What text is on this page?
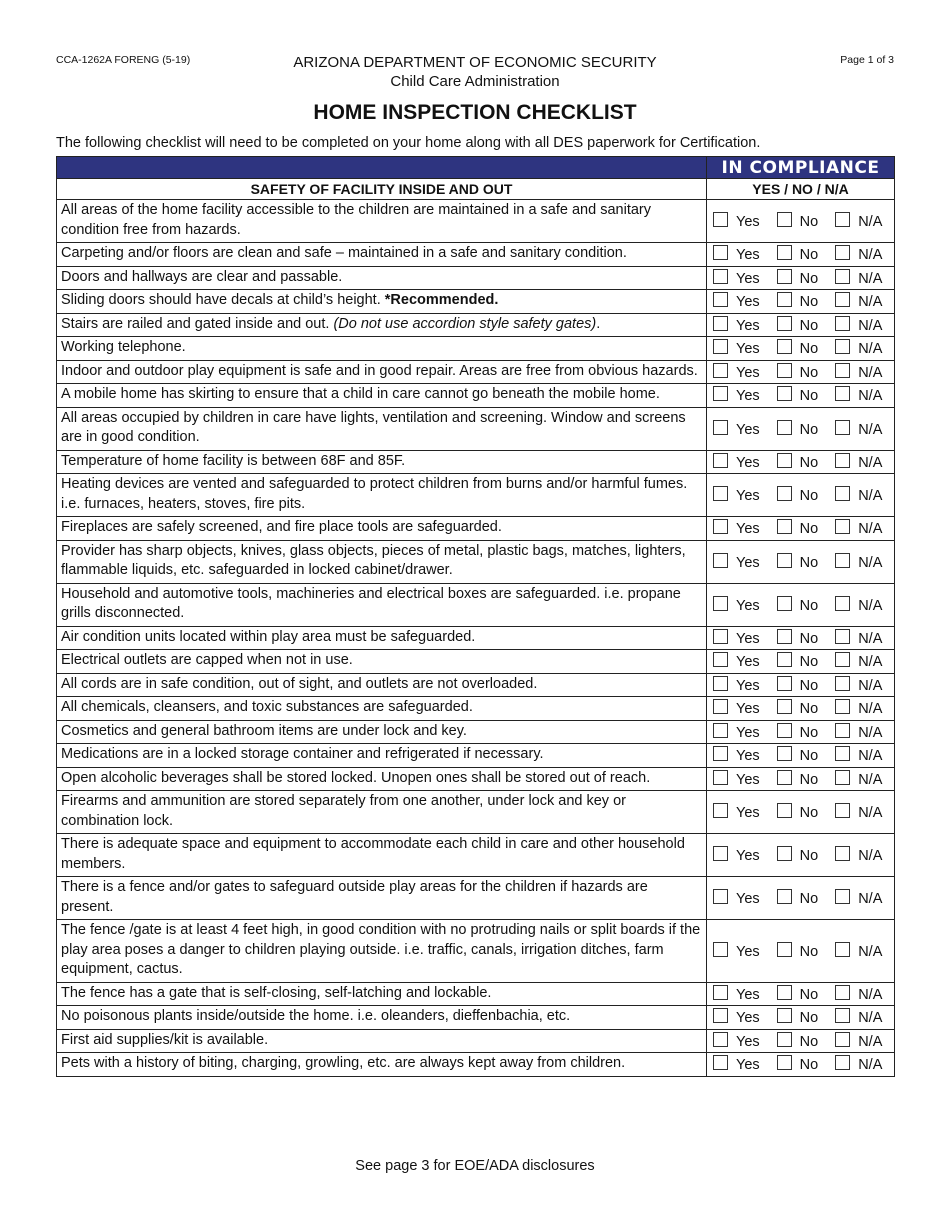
CCA-1262A FORENG (5-19)	ARIZONA DEPARTMENT OF ECONOMIC SECURITY
Child Care Administration
Page 1 of 3
HOME INSPECTION CHECKLIST
The following checklist will need to be completed on your home along with all DES paperwork for Certification.
	IN COMPLIANCE
SAFETY OF FACILITY INSIDE AND OUT	YES / NO / N/A
All areas of the home facility accessible to the children are maintained in a safe and sanitary condition free from hazards.	Yes No N/A
Carpeting and/or floors are clean and safe – maintained in a safe and sanitary condition.	Yes No N/A
Doors and hallways are clear and passable.	Yes No N/A
Sliding doors should have decals at child’s height. *Recommended.	Yes No N/A
Stairs are railed and gated inside and out. (Do not use accordion style safety gates).	Yes No N/A
Working telephone.	Yes No N/A
Indoor and outdoor play equipment is safe and in good repair. Areas are free from obvious hazards.	Yes No N/A
A mobile home has skirting to ensure that a child in care cannot go beneath the mobile home.	Yes No N/A
All areas occupied by children in care have lights, ventilation and screening. Window and screens are in good condition.	Yes No N/A
Temperature of home facility is between 68F and 85F.	Yes No N/A
Heating devices are vented and safeguarded to protect children from burns and/or harmful fumes. i.e. furnaces, heaters, stoves, fire pits.	Yes No N/A
Fireplaces are safely screened, and fire place tools are safeguarded.	Yes No N/A
Provider has sharp objects, knives, glass objects, pieces of metal, plastic bags, matches, lighters, flammable liquids, etc. safeguarded in locked cabinet/drawer.	Yes No N/A
Household and automotive tools, machineries and electrical boxes are safeguarded. i.e. propane grills disconnected.	Yes No N/A
Air condition units located within play area must be safeguarded.	Yes No N/A
Electrical outlets are capped when not in use.	Yes No N/A
All cords are in safe condition, out of sight, and outlets are not overloaded.	Yes No N/A
All chemicals, cleansers, and toxic substances are safeguarded.	Yes No N/A
Cosmetics and general bathroom items are under lock and key.	Yes No N/A
Medications are in a locked storage container and refrigerated if necessary.	Yes No N/A
Open alcoholic beverages shall be stored locked. Unopen ones shall be stored out of reach.	Yes No N/A
Firearms and ammunition are stored separately from one another, under lock and key or combination lock.	Yes No N/A
There is adequate space and equipment to accommodate each child in care and other household members.	Yes No N/A
There is a fence and/or gates to safeguard outside play areas for the children if hazards are present.	Yes No N/A
The fence /gate is at least 4 feet high, in good condition with no protruding nails or split boards if the play area poses a danger to children playing outside. i.e. traffic, canals, irrigation ditches, farm equipment, cactus.	Yes No N/A
The fence has a gate that is self-closing, self-latching and lockable.	Yes No N/A
No poisonous plants inside/outside the home. i.e. oleanders, dieffenbachia, etc.	Yes No N/A
First aid supplies/kit is available.	Yes No N/A
Pets with a history of biting, charging, growling, etc. are always kept away from children.	Yes No N/A
See page 3 for EOE/ADA disclosures
